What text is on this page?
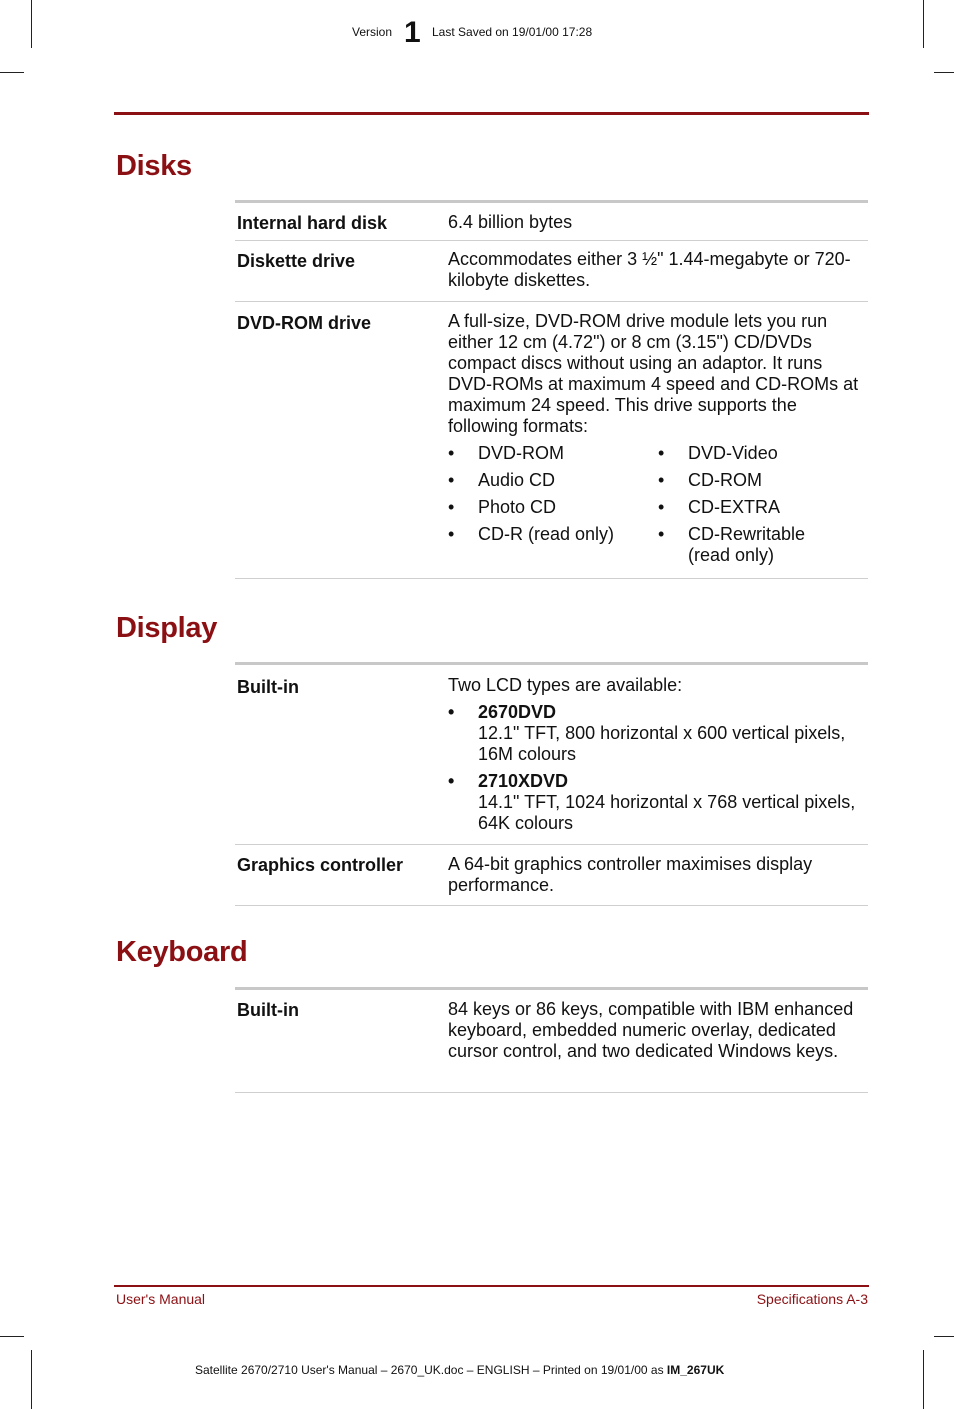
Version 1 Last Saved on 19/01/00 17:28
Disks
Internal hard disk	6.4 billion bytes

Diskette drive	Accommodates either 3 ½" 1.44-megabyte or 720-kilobyte diskettes.

DVD-ROM drive	A full-size, DVD-ROM drive module lets you run either 12 cm (4.72") or 8 cm (3.15") CD/DVDs compact discs without using an adaptor. It runs DVD-ROMs at maximum 4 speed and CD-ROMs at maximum 24 speed. This drive supports the following formats:

• DVD-ROM	• DVD-Video
• Audio CD	• CD-ROM
• Photo CD	• CD-EXTRA
• CD-R (read only)	• CD-Rewritable (read only)
Display
Built-in	Two LCD types are available:

• 2670DVD
12.1" TFT, 800 horizontal x 600 vertical pixels, 16M colours
• 2710XDVD
14.1" TFT, 1024 horizontal x 768 vertical pixels, 64K colours
Graphics controller A 64-bit graphics controller maximises display performance.

Keyboard
Built-in	84 keys or 86 keys, compatible with IBM enhanced keyboard, embedded numeric overlay, dedicated cursor control, and two dedicated Windows keys.

User's Manual	Specifications A-3
Satellite 2670/2710 User's Manual – 2670_UK.doc – ENGLISH – Printed on 19/01/00 as IM_267UK
